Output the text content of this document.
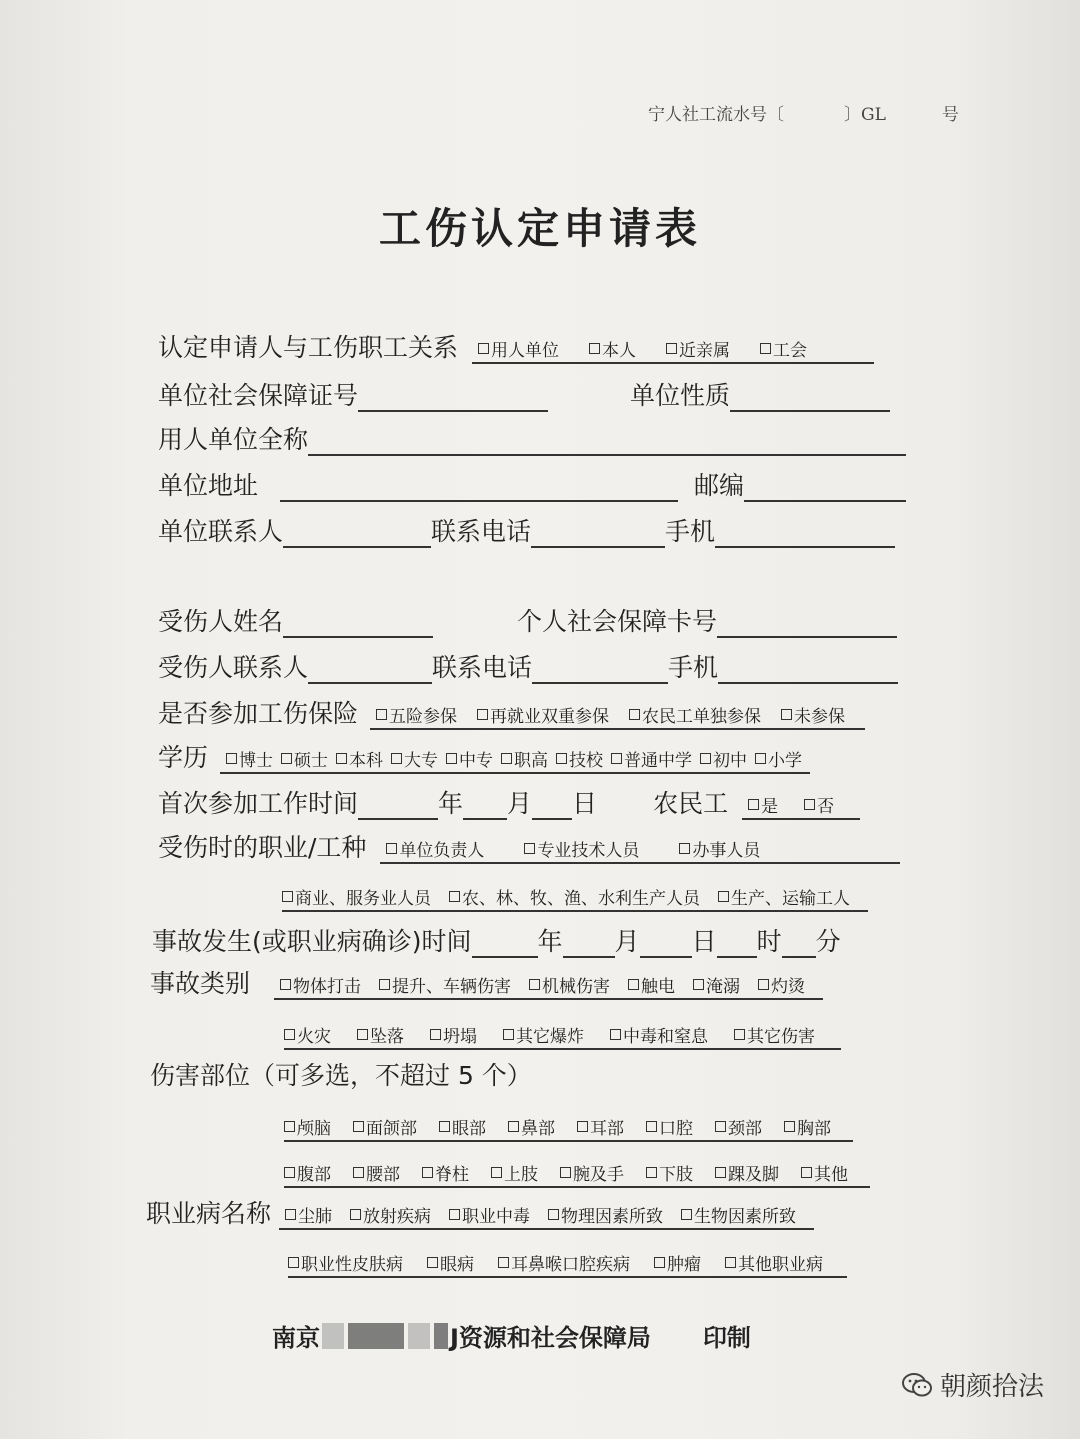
宁人社工流水号〔	〕GL	号
工伤认定申请表
认定申请人与工伤职工关系 用人单位	本人	近亲属	工会
单位社会保障证号	单位性质
用人单位全称
单位地址	邮编
单位联系人	联系电话	手机
受伤人姓名	个人社会保障卡号
受伤人联系人	联系电话	手机
是否参加工伤保险 五险参保 再就业双重参保 农民工单独参保 未参保
学历 博士 硕士 本科 大专 中专 职高 技校 普通中学 初中 小学
首次参加工作时间	年 月 日 农民工 是 否
受伤时的职业/工种 单位负责人	专业技术人员	办事人员
商业、服务业人员 农、林、牧、渔、水利生产人员 生产、运输工人
事故发生(或职业病确诊)时间	年 月 日 时 分
事故类别	物体打击 提升、车辆伤害 机械伤害 触电 淹溺 灼烫
火灾 坠落 坍塌 其它爆炸 中毒和窒息 其它伤害
伤害部位（可多选，不超过 5 个）
颅脑 面颌部 眼部 鼻部 耳部 口腔 颈部 胸部
腹部 腰部 脊柱 上肢 腕及手 下肢 踝及脚 其他
职业病名称 尘肺 放射疾病 职业中毒 物理因素所致 生物因素所致
职业性皮肤病 眼病 耳鼻喉口腔疾病 肿瘤 其他职业病
南京	J资源和社会保障局 印制
朝颜拾法
